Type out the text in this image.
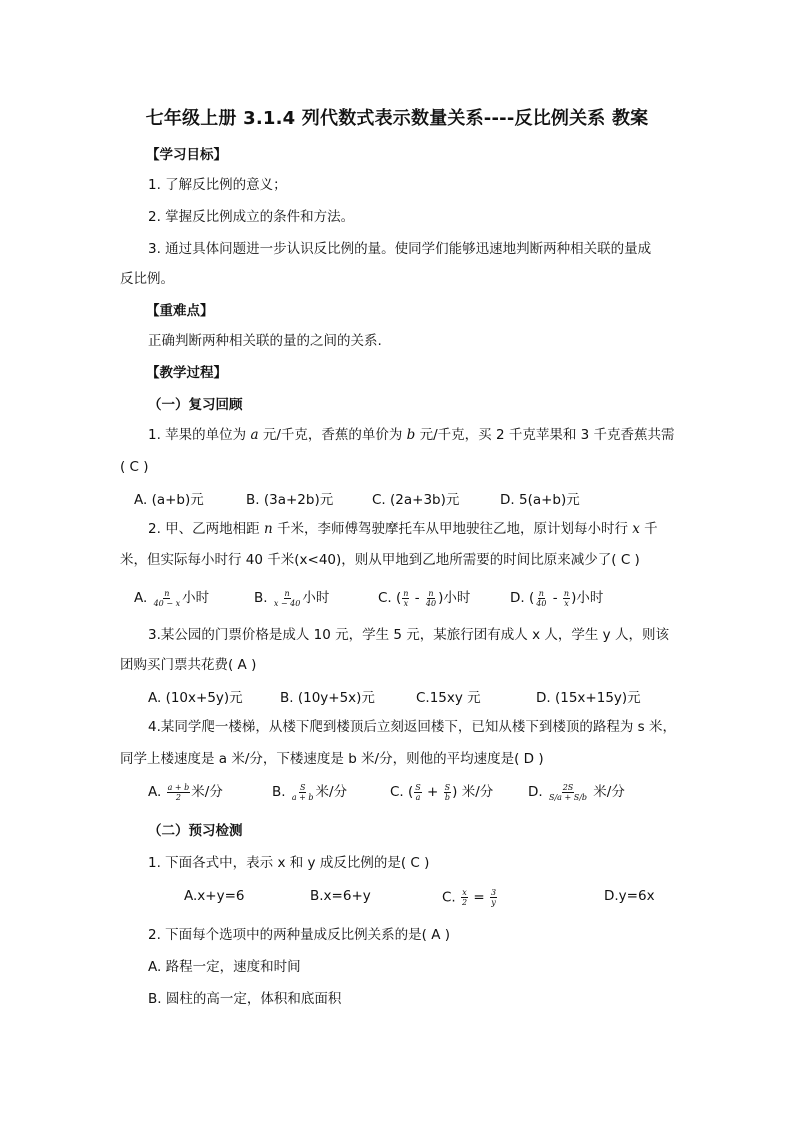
七年级上册 3.1.4 列代数式表示数量关系----反比例关系 教案
【学习目标】
1. 了解反比例的意义；
2. 掌握反比例成立的条件和方法。
3. 通过具体问题进一步认识反比例的量。使同学们能够迅速地判断两种相关联的量成
反比例。
【重难点】
正确判断两种相关联的量的之间的关系.
【教学过程】
（一）复习回顾
1. 苹果的单位为 a 元/千克，香蕉的单价为 b 元/千克，买 2 千克苹果和 3 千克香蕉共需
( C )
A. (a+b)元	B. (3a+2b)元	C. (2a+3b)元	D. 5(a+b)元
2. 甲、乙两地相距 n 千米，李师傅驾驶摩托车从甲地驶往乙地，原计划每小时行 x 千
米，但实际每小时行 40 千米(x<40)，则从甲地到乙地所需要的时间比原来减少了( C )
A. $\frac{n}{40 - x}$ 小时	B. $\frac{n}{x - 40}$ 小时	C. ( $\frac{n}{x} - \frac{n}{40}$ )小时	D. ( $\frac{n}{40} - \frac{n}{x}$ )小时
3.某公园的门票价格是成人 10 元，学生 5 元，某旅行团有成人 x 人，学生 y 人，则该
团购买门票共花费( A )
A. (10x+5y)元	B. (10y+5x)元	C.15xy 元	D. (15x+15y)元
4.某同学爬一楼梯，从楼下爬到楼顶后立刻返回楼下，已知从楼下到楼顶的路程为 s 米，
同学上楼速度是 a 米/分，下楼速度是 b 米/分，则他的平均速度是( D )
A. $\frac{a + b}{2}$ 米/分	B. $\frac{S}{a + b}$ 米/分	C. ( $\frac{S}{a} + \frac{S}{b}$ ) 米/分	D. $\frac{2S}{S/a + S/b}$ 米/分
（二）预习检测
1. 下面各式中，表示 x 和 y 成反比例的是( C )
A.x+y=6	B.x=6+y	C. $\frac{x}{2} = \frac{3}{y}$	D.y=6x
2. 下面每个选项中的两种量成反比例关系的是( A )
A. 路程一定，速度和时间
B. 圆柱的高一定，体积和底面积
